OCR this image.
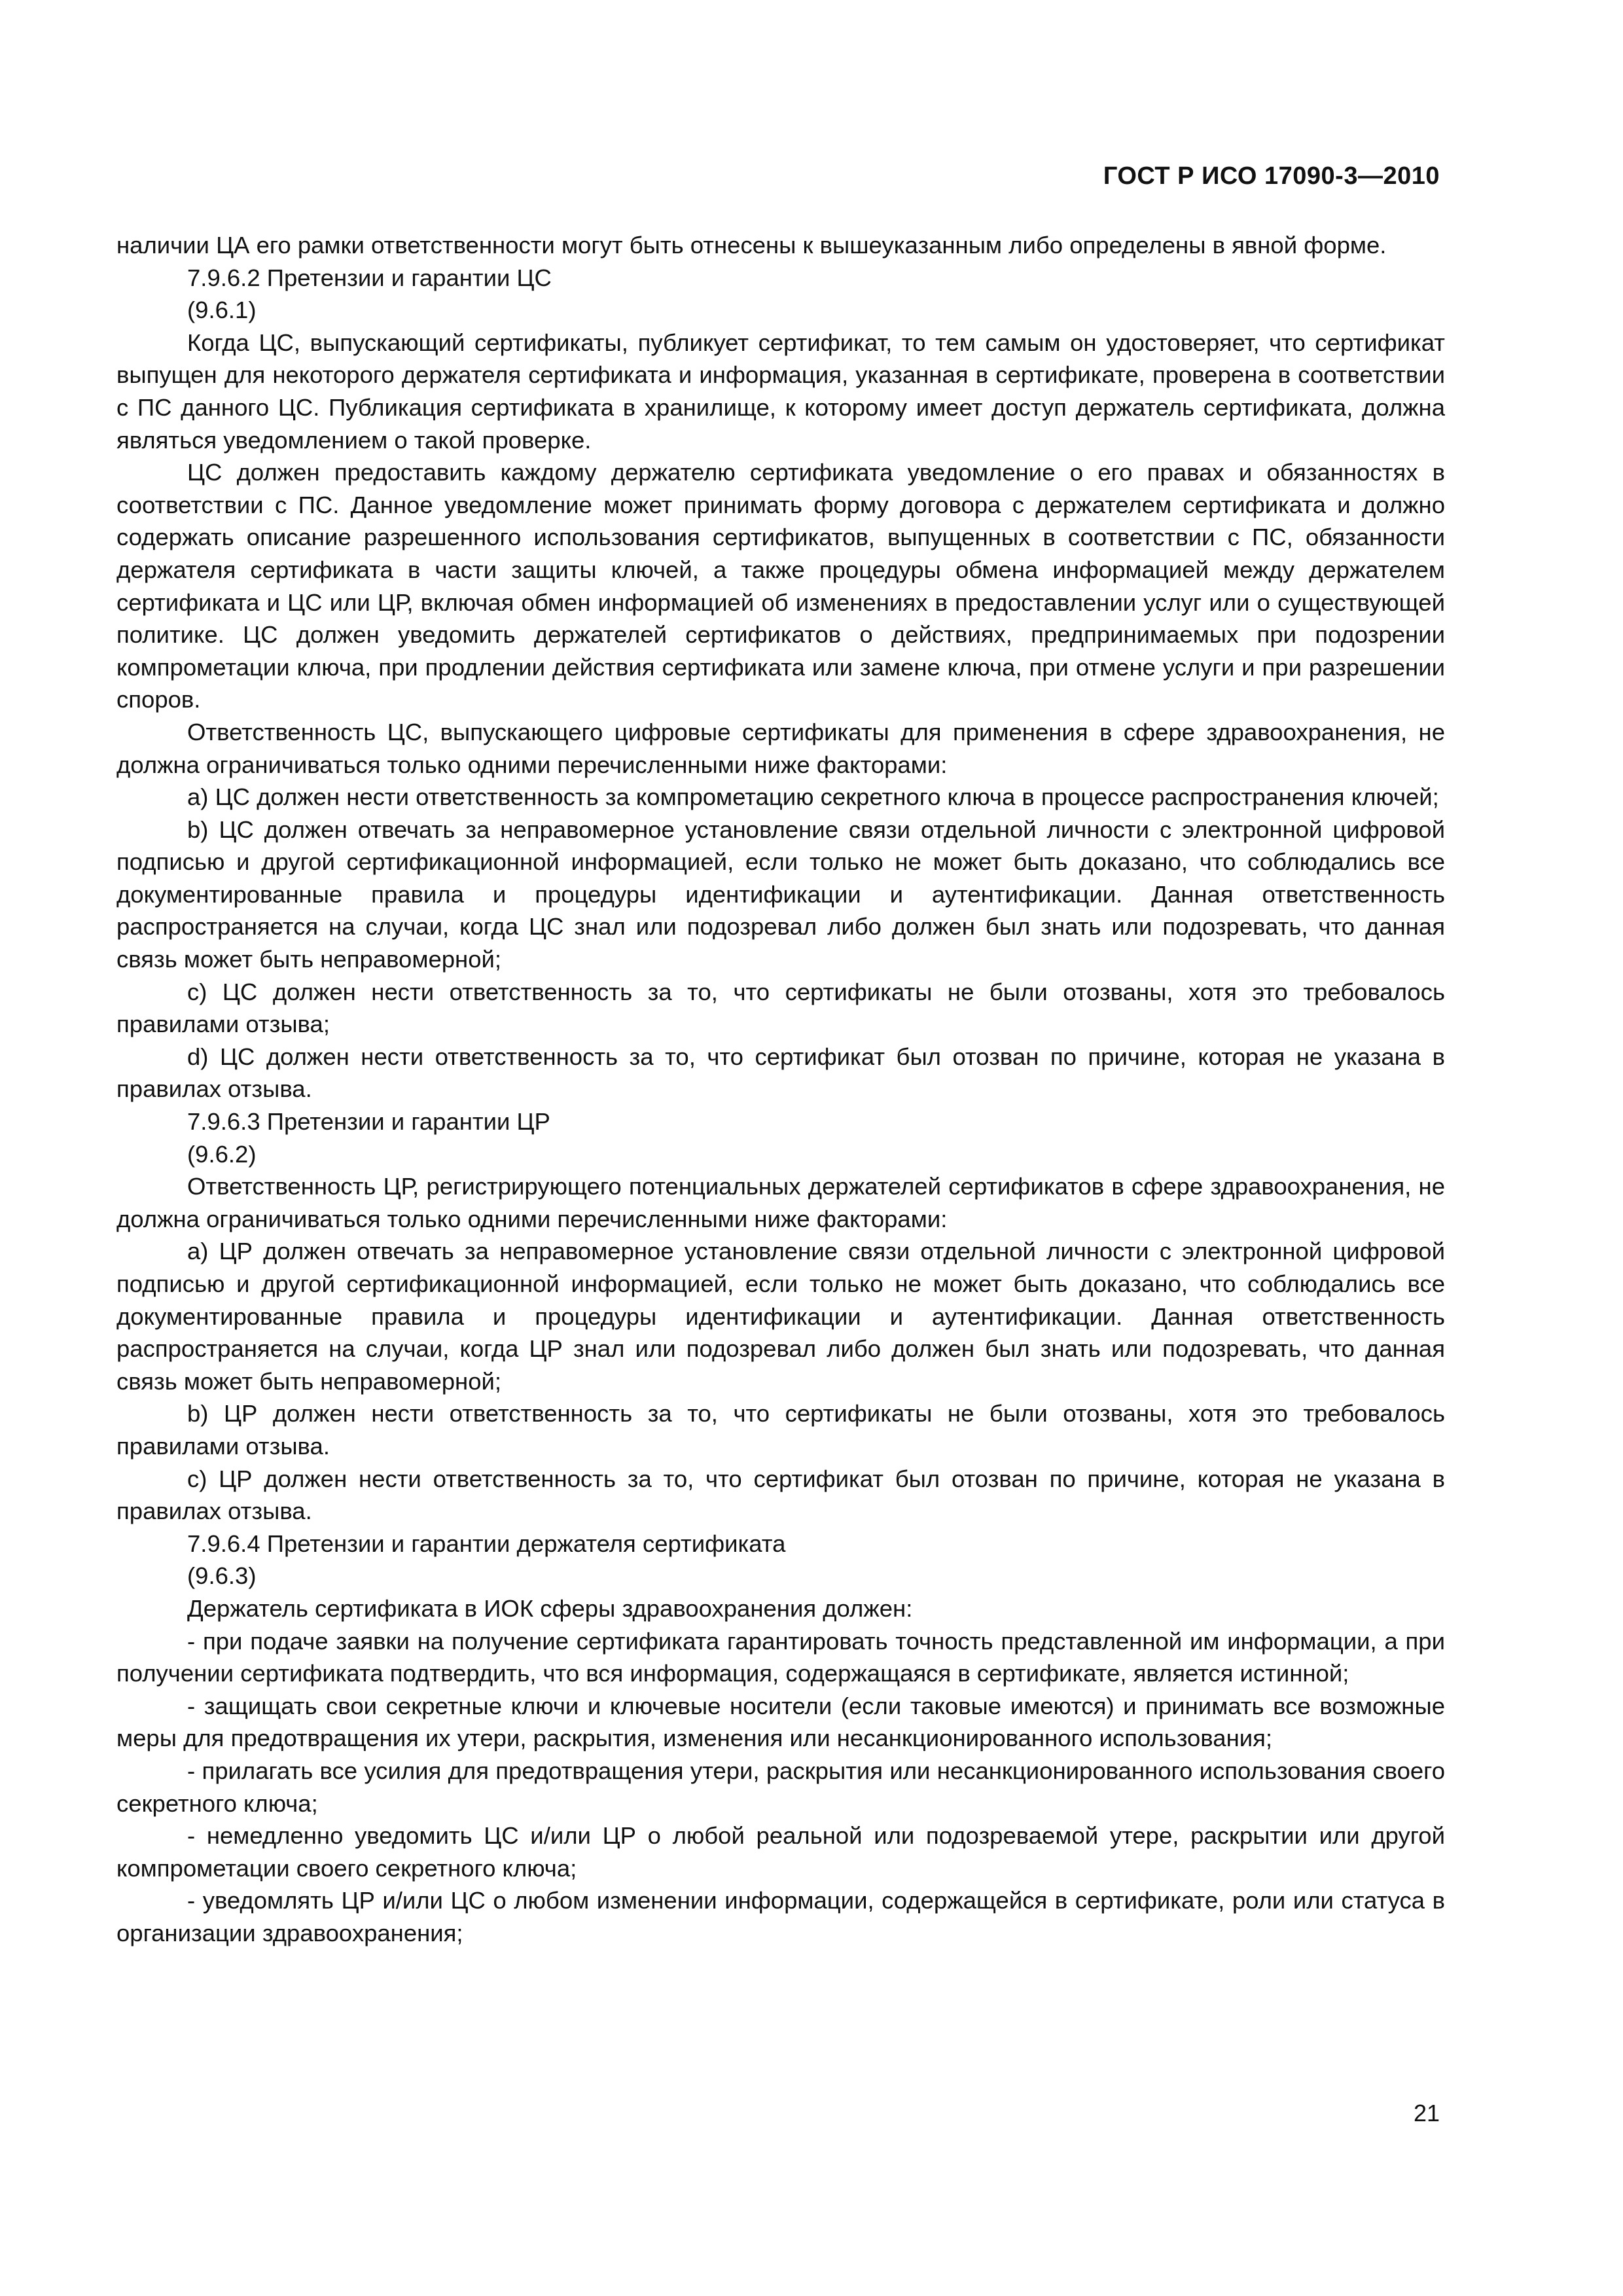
ГОСТ Р ИСО 17090-3—2010

наличии ЦА его рамки ответственности могут быть отнесены к вышеуказанным либо определены в явной форме.

7.9.6.2 Претензии и гарантии ЦС

(9.6.1)

Когда ЦС, выпускающий сертификаты, публикует сертификат, то тем самым он удостоверяет, что сертификат выпущен для некоторого держателя сертификата и информация, указанная в сертификате, проверена в соответствии с ПС данного ЦС. Публикация сертификата в хранилище, к которому имеет доступ держатель сертификата, должна являться уведомлением о такой проверке.

ЦС должен предоставить каждому держателю сертификата уведомление о его правах и обязанностях в соответствии с ПС. Данное уведомление может принимать форму договора с держателем сертификата и должно содержать описание разрешенного использования сертификатов, выпущенных в соответствии с ПС, обязанности держателя сертификата в части защиты ключей, а также процедуры обмена информацией между держателем сертификата и ЦС или ЦР, включая обмен информацией об изменениях в предоставлении услуг или о существующей политике. ЦС должен уведомить держателей сертификатов о действиях, предпринимаемых при подозрении компрометации ключа, при продлении действия сертификата или замене ключа, при отмене услуги и при разрешении споров.

Ответственность ЦС, выпускающего цифровые сертификаты для применения в сфере здравоохранения, не должна ограничиваться только одними перечисленными ниже факторами:

a) ЦС должен нести ответственность за компрометацию секретного ключа в процессе распространения ключей;

b) ЦС должен отвечать за неправомерное установление связи отдельной личности с электронной цифровой подписью и другой сертификационной информацией, если только не может быть доказано, что соблюдались все документированные правила и процедуры идентификации и аутентификации. Данная ответственность распространяется на случаи, когда ЦС знал или подозревал либо должен был знать или подозревать, что данная связь может быть неправомерной;

c) ЦС должен нести ответственность за то, что сертификаты не были отозваны, хотя это требовалось правилами отзыва;

d) ЦС должен нести ответственность за то, что сертификат был отозван по причине, которая не указана в правилах отзыва.

7.9.6.3 Претензии и гарантии ЦР

(9.6.2)

Ответственность ЦР, регистрирующего потенциальных держателей сертификатов в сфере здравоохранения, не должна ограничиваться только одними перечисленными ниже факторами:

a) ЦР должен отвечать за неправомерное установление связи отдельной личности с электронной цифровой подписью и другой сертификационной информацией, если только не может быть доказано, что соблюдались все документированные правила и процедуры идентификации и аутентификации. Данная ответственность распространяется на случаи, когда ЦР знал или подозревал либо должен был знать или подозревать, что данная связь может быть неправомерной;

b) ЦР должен нести ответственность за то, что сертификаты не были отозваны, хотя это требовалось правилами отзыва.

c) ЦР должен нести ответственность за то, что сертификат был отозван по причине, которая не указана в правилах отзыва.

7.9.6.4 Претензии и гарантии держателя сертификата

(9.6.3)

Держатель сертификата в ИОК сферы здравоохранения должен:

- при подаче заявки на получение сертификата гарантировать точность представленной им информации, а при получении сертификата подтвердить, что вся информация, содержащаяся в сертификате, является истинной;

- защищать свои секретные ключи и ключевые носители (если таковые имеются) и принимать все возможные меры для предотвращения их утери, раскрытия, изменения или несанкционированного использования;

- прилагать все усилия для предотвращения утери, раскрытия или несанкционированного использования своего секретного ключа;

- немедленно уведомить ЦС и/или ЦР о любой реальной или подозреваемой утере, раскрытии или другой компрометации своего секретного ключа;

- уведомлять ЦР и/или ЦС о любом изменении информации, содержащейся в сертификате, роли или статуса в организации здравоохранения;

21
